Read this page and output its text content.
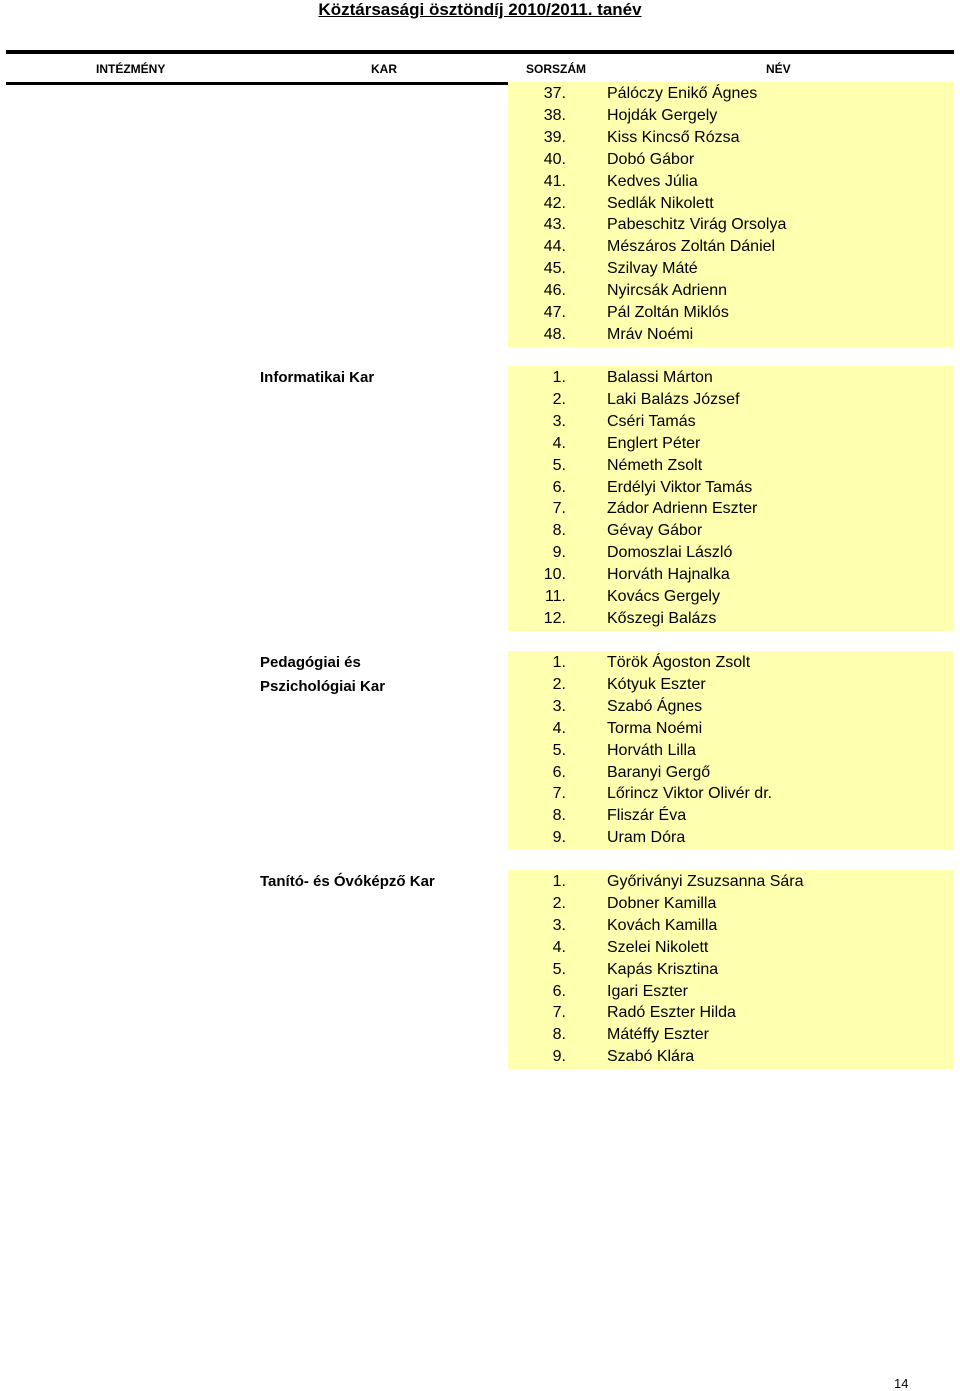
Köztársasági ösztöndíj 2010/2011. tanév
INTÉZMÉNY	KAR	SORSZÁM	NÉV
37.	Pálóczy Enikő Ágnes
38.	Hojdák Gergely
39.	Kiss Kincső Rózsa
40.	Dobó Gábor
41.	Kedves Júlia
42.	Sedlák Nikolett
43.	Pabeschitz Virág Orsolya
44.	Mészáros Zoltán Dániel
45.	Szilvay Máté
46.	Nyircsák Adrienn
47.	Pál Zoltán Miklós
48.	Mráv Noémi
Informatikai Kar	1.	Balassi Márton
2.	Laki Balázs József
3.	Cséri Tamás
4.	Englert Péter
5.	Németh Zsolt
6.	Erdélyi Viktor Tamás
7.	Zádor Adrienn Eszter
8.	Gévay Gábor
9.	Domoszlai László
10.	Horváth Hajnalka
11.	Kovács Gergely
12.	Kőszegi Balázs
Pedagógiai és
Pszichológiai Kar
1.	Török Ágoston Zsolt
2.	Kótyuk Eszter
3.	Szabó Ágnes
4.	Torma Noémi
5.	Horváth Lilla
6.	Baranyi Gergő
7.	Lőrincz Viktor Olivér dr.
8.	Fliszár Éva
9.	Uram Dóra
Tanító- és Óvóképző Kar	1.	Győriványi Zsuzsanna Sára
2.	Dobner Kamilla
3.	Kovách Kamilla
4.	Szelei Nikolett
5.	Kapás Krisztina
6.	Igari Eszter
7.	Radó Eszter Hilda
8.	Mátéffy Eszter
9.	Szabó Klára
14
